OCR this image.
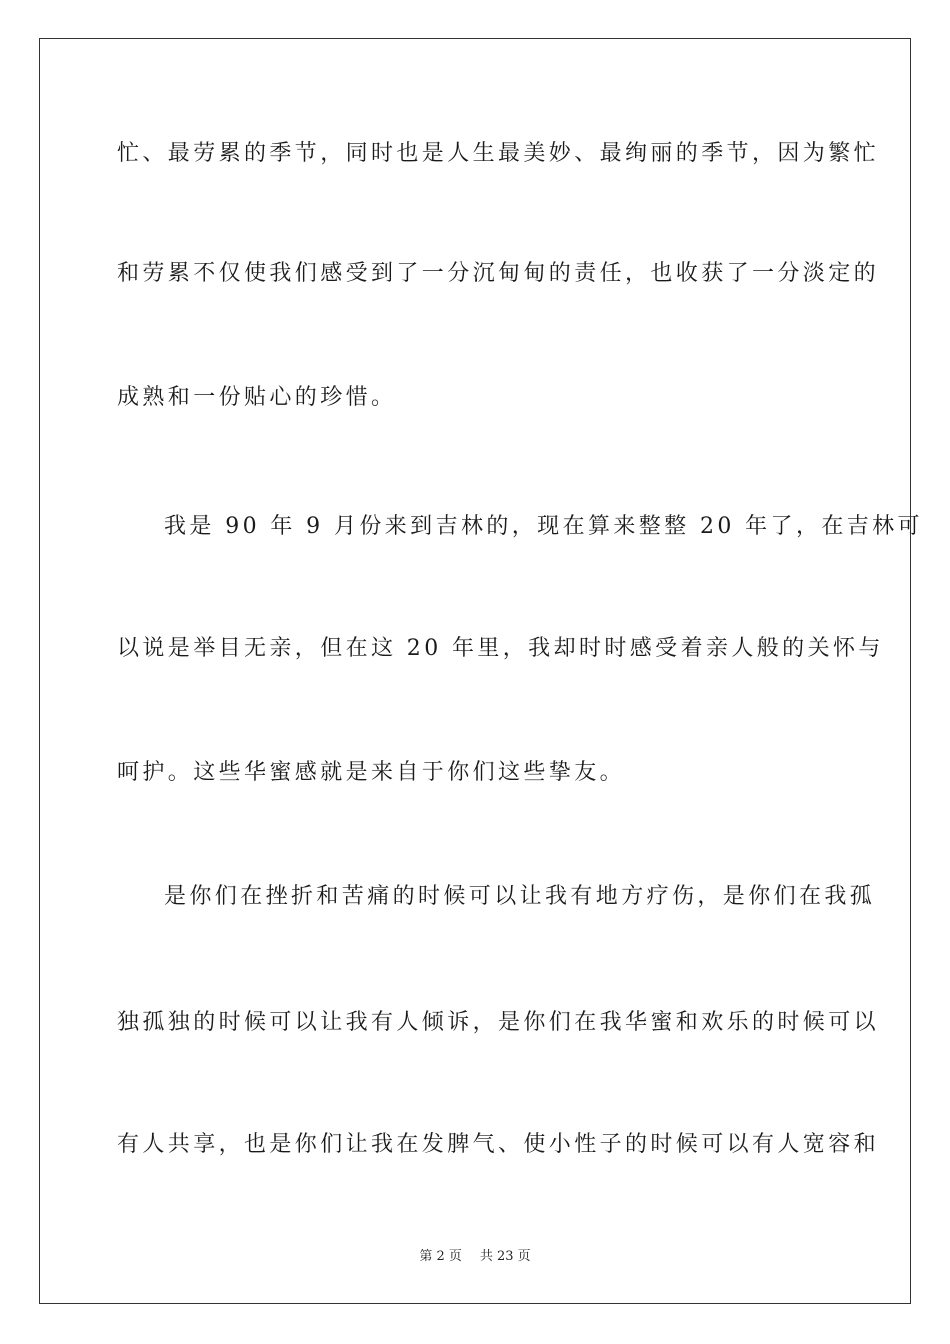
忙、最劳累的季节，同时也是人生最美妙、最绚丽的季节，因为繁忙
和劳累不仅使我们感受到了一分沉甸甸的责任，也收获了一分淡定的
成熟和一份贴心的珍惜。
我是 90 年 9 月份来到吉林的，现在算来整整 20 年了，在吉林可
以说是举目无亲，但在这 20 年里，我却时时感受着亲人般的关怀与
呵护。这些华蜜感就是来自于你们这些挚友。
是你们在挫折和苦痛的时候可以让我有地方疗伤，是你们在我孤
独孤独的时候可以让我有人倾诉，是你们在我华蜜和欢乐的时候可以
有人共享，也是你们让我在发脾气、使小性子的时候可以有人宽容和
第 2 页 共 23 页
